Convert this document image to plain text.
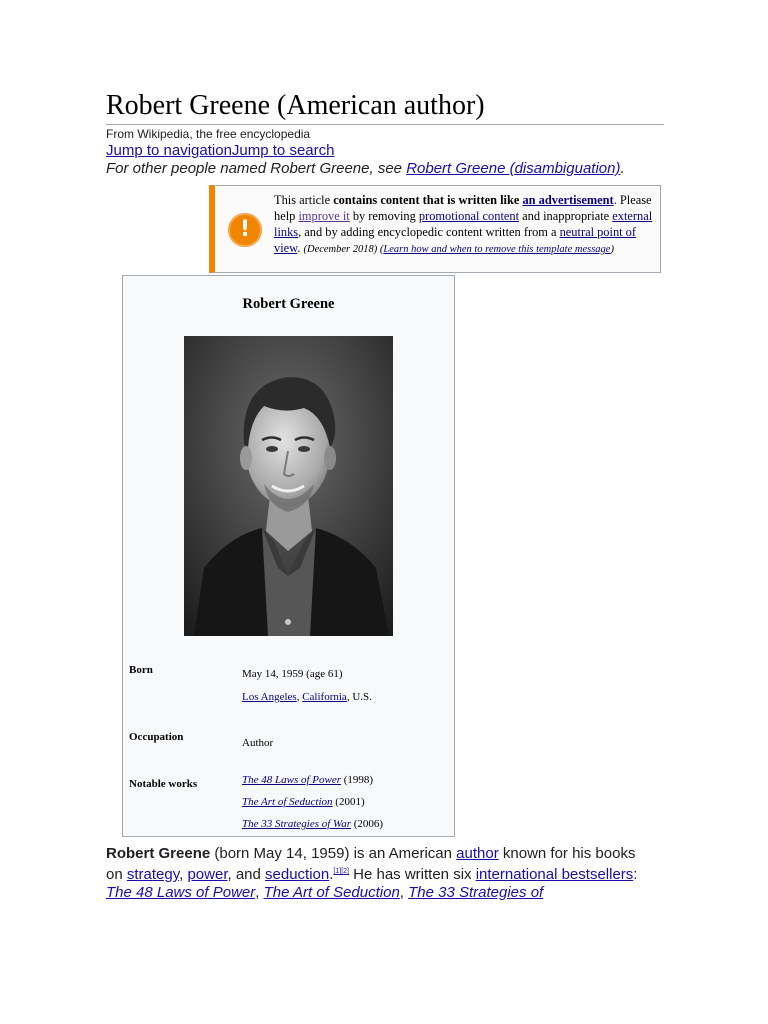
Robert Greene (American author)
From Wikipedia, the free encyclopedia
Jump to navigationJump to search
For other people named Robert Greene, see Robert Greene (disambiguation).
!
This article contains content that is written like an advertisement. Please help improve it by removing promotional content and inappropriate external links, and by adding encyclopedic content written from a neutral point of view. (December 2018) (Learn how and when to remove this template message)
Robert Greene
Born	May 14, 1959 (age 61)
Los Angeles, California, U.S.
Occupation	Author
Notable works	The 48 Laws of Power (1998)
The Art of Seduction (2001)
The 33 Strategies of War (2006)
Robert Greene (born May 14, 1959) is an American author known for his books on strategy, power, and seduction.[1][2] He has written six international bestsellers: The 48 Laws of Power, The Art of Seduction, The 33 Strategies of
